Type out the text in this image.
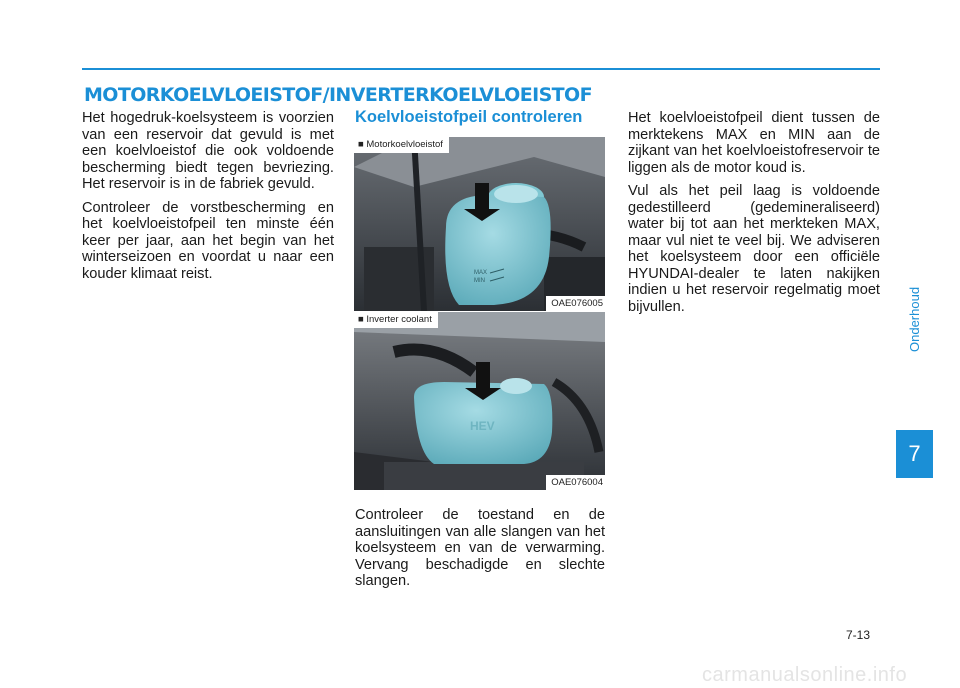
MOTORKOELVLOEISTOF/INVERTERKOELVLOEISTOF

Het hogedruk-koelsysteem is voorzien van een reservoir dat gevuld is met een koelvloeistof die ook voldoende bescherming biedt tegen bevriezing. Het reservoir is in de fabriek gevuld.

Controleer de vorstbescherming en het koelvloeistofpeil ten minste één keer per jaar, aan het begin van het winterseizoen en voordat u naar een kouder klimaat reist.

Koelvloeistofpeil controleren
MAX
MIN
■ Motorkoelvloeistof
OAE076005
HEV
■ Inverter coolant
OAE076004

Controleer de toestand en de aansluitingen van alle slangen van het koelsysteem en van de verwarming. Vervang beschadigde en slechte slangen.

Het koelvloeistofpeil dient tussen de merktekens MAX en MIN aan de zijkant van het koelvloeistofreservoir te liggen als de motor koud is.

Vul als het peil laag is voldoende gedestilleerd (gedemineraliseerd) water bij tot aan het merkteken MAX, maar vul niet te veel bij. We adviseren het koelsysteem door een officiële HYUNDAI-dealer te laten nakijken indien u het reservoir regelmatig moet bijvullen.	Onderhoud
7
7-13
carmanualsonline.info
